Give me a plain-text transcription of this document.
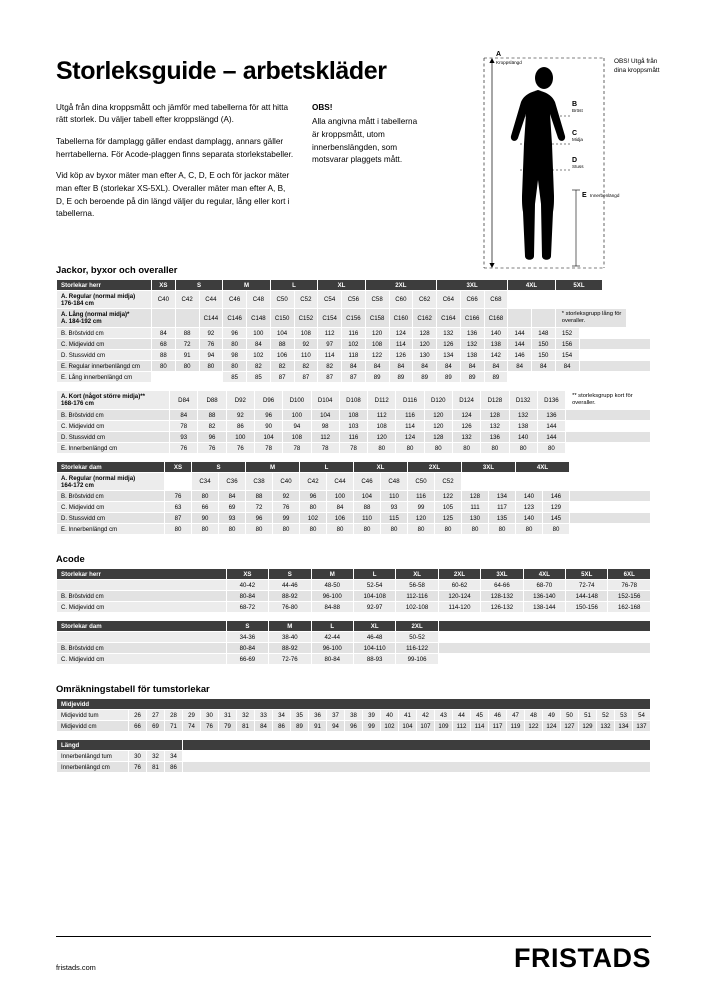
Storleksguide – arbetskläder

Utgå från dina kroppsmått och jämför med tabellerna för att hitta rätt storlek. Du väljer tabell efter kroppslängd (A).

Tabellerna för damplagg gäller endast damplagg, annars gäller herrtabellerna. För Acode-plaggen finns separata storlekstabeller.

Vid köp av byxor mäter man efter A, C, D, E och för jackor mäter man efter B (storlekar XS-5XL). Overaller mäter man efter A, B, D, E och beroende på din längd väljer du regular, lång eller kort i tabellerna.

OBS!

Alla angivna mått i tabellerna är kroppsmått, utom innerbenslängden, som motsvarar plaggets mått.

A
B
C
D
E
Kroppslängd
Bröst
Midja
Stuss
Innerbenlängd
OBS! Utgå från dina kroppsmått
Jackor, byxor och overaller
Storlekar herr	XS	S		M		L		XL		2XL			3XL			4XL		5XL	
A. Regular (normal midja)
176-184 cm	C40	C42	C44	C46	C48	C50	C52	C54	C56	C58	C60	C62	C64	C66	C68				
A. Lång (normal midja)*
A. 184-192 cm			C144	C146	C148	C150	C152	C154	C156	C158	C160	C162	C164	C166	C168			* storleksgrupp lång för overaller.	
B. Bröstvidd cm	84	88	92	96	100	104	108	112	116	120	124	128	132	136	140	144	148	152	
C. Midjevidd cm	68	72	76	80	84	88	92	97	102	108	114	120	126	132	138	144	150	156	
D. Stussvidd cm	88	91	94	98	102	106	110	114	118	122	126	130	134	138	142	146	150	154	
E. Regular innerbenlängd cm	80	80	80	80	82	82	82	82	84	84	84	84	84	84	84	84	84	84	
E. Lång innerbenlängd cm				85	85	87	87	87	87	89	89	89	89	89	89				
A. Kort (något större midja)**
168-176 cm	D84	D88	D92	D96	D100	D104	D108	D112	D116	D120	D124	D128	D132	D136	** storleksgrupp kort för overaller.
B. Bröstvidd cm	84	88	92	96	100	104	108	112	116	120	124	128	132	136	
C. Midjevidd cm	78	82	86	90	94	98	103	108	114	120	126	132	138	144	
D. Stussvidd cm	93	96	100	104	108	112	116	120	124	128	132	136	140	144	
E. Innerbenlängd cm	76	76	76	78	78	78	78	80	80	80	80	80	80	80	
Storlekar dam	XS	S		M		L		XL		2XL		3XL		4XL		
A. Regular (normal midja)
164-172 cm		C34	C36	C38	C40	C42	C44	C46	C48	C50	C52					
B. Bröstvidd cm	76	80	84	88	92	96	100	104	110	116	122	128	134	140	146	
C. Midjevidd cm	63	66	69	72	76	80	84	88	93	99	105	111	117	123	129	
D. Stussvidd cm	87	90	93	96	99	102	106	110	115	120	125	130	135	140	145	
E. Innerbenlängd cm	80	80	80	80	80	80	80	80	80	80	80	80	80	80	80	
Acode
Storlekar herr	XS	S	M	L	XL	2XL	3XL	4XL	5XL	6XL
	40-42	44-46	48-50	52-54	56-58	60-62	64-66	68-70	72-74	76-78
B. Bröstvidd cm	80-84	88-92	96-100	104-108	112-116	120-124	128-132	136-140	144-148	152-156
C. Midjevidd cm	68-72	76-80	84-88	92-97	102-108	114-120	126-132	138-144	150-156	162-168
Storlekar dam	S	M	L	XL	2XL	
	34-36	38-40	42-44	46-48	50-52	
B. Bröstvidd cm	80-84	88-92	96-100	104-110	116-122	
C. Midjevidd cm	66-69	72-76	80-84	88-93	99-106	
Omräkningstabell för tumstorlekar
Midjevidd																													
Midjevidd tum	26	27	28	29	30	31	32	33	34	35	36	37	38	39	40	41	42	43	44	45	46	47	48	49	50	51	52	53	54
Midjevidd cm	66	69	71	74	76	79	81	84	86	89	91	94	96	99	102	104	107	109	112	114	117	119	122	124	127	129	132	134	137
Längd				
Innerbenlängd tum	30	32	34	
Innerbenlängd cm	76	81	86	
fristads.com	FRISTADS
